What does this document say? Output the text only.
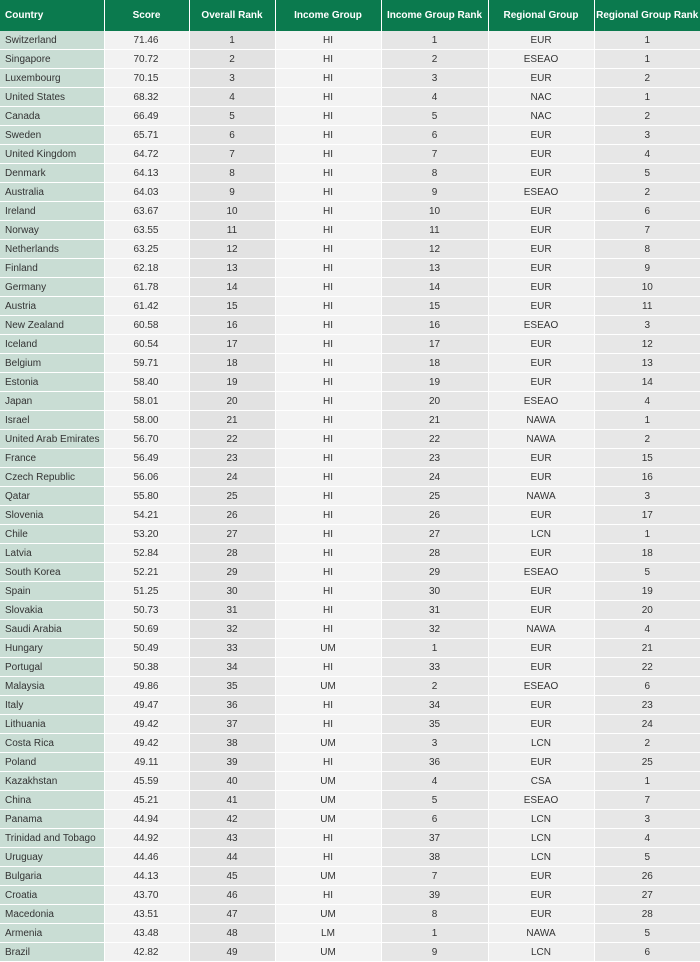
Country	Score	Overall Rank	Income Group	Income Group Rank	Regional Group	Regional Group Rank
Switzerland	71.46	1	HI	1	EUR	1
Singapore	70.72	2	HI	2	ESEAO	1
Luxembourg	70.15	3	HI	3	EUR	2
United States	68.32	4	HI	4	NAC	1
Canada	66.49	5	HI	5	NAC	2
Sweden	65.71	6	HI	6	EUR	3
United Kingdom	64.72	7	HI	7	EUR	4
Denmark	64.13	8	HI	8	EUR	5
Australia	64.03	9	HI	9	ESEAO	2
Ireland	63.67	10	HI	10	EUR	6
Norway	63.55	11	HI	11	EUR	7
Netherlands	63.25	12	HI	12	EUR	8
Finland	62.18	13	HI	13	EUR	9
Germany	61.78	14	HI	14	EUR	10
Austria	61.42	15	HI	15	EUR	11
New Zealand	60.58	16	HI	16	ESEAO	3
Iceland	60.54	17	HI	17	EUR	12
Belgium	59.71	18	HI	18	EUR	13
Estonia	58.40	19	HI	19	EUR	14
Japan	58.01	20	HI	20	ESEAO	4
Israel	58.00	21	HI	21	NAWA	1
United Arab Emirates	56.70	22	HI	22	NAWA	2
France	56.49	23	HI	23	EUR	15
Czech Republic	56.06	24	HI	24	EUR	16
Qatar	55.80	25	HI	25	NAWA	3
Slovenia	54.21	26	HI	26	EUR	17
Chile	53.20	27	HI	27	LCN	1
Latvia	52.84	28	HI	28	EUR	18
South Korea	52.21	29	HI	29	ESEAO	5
Spain	51.25	30	HI	30	EUR	19
Slovakia	50.73	31	HI	31	EUR	20
Saudi Arabia	50.69	32	HI	32	NAWA	4
Hungary	50.49	33	UM	1	EUR	21
Portugal	50.38	34	HI	33	EUR	22
Malaysia	49.86	35	UM	2	ESEAO	6
Italy	49.47	36	HI	34	EUR	23
Lithuania	49.42	37	HI	35	EUR	24
Costa Rica	49.42	38	UM	3	LCN	2
Poland	49.11	39	HI	36	EUR	25
Kazakhstan	45.59	40	UM	4	CSA	1
China	45.21	41	UM	5	ESEAO	7
Panama	44.94	42	UM	6	LCN	3
Trinidad and Tobago	44.92	43	HI	37	LCN	4
Uruguay	44.46	44	HI	38	LCN	5
Bulgaria	44.13	45	UM	7	EUR	26
Croatia	43.70	46	HI	39	EUR	27
Macedonia	43.51	47	UM	8	EUR	28
Armenia	43.48	48	LM	1	NAWA	5
Brazil	42.82	49	UM	9	LCN	6
